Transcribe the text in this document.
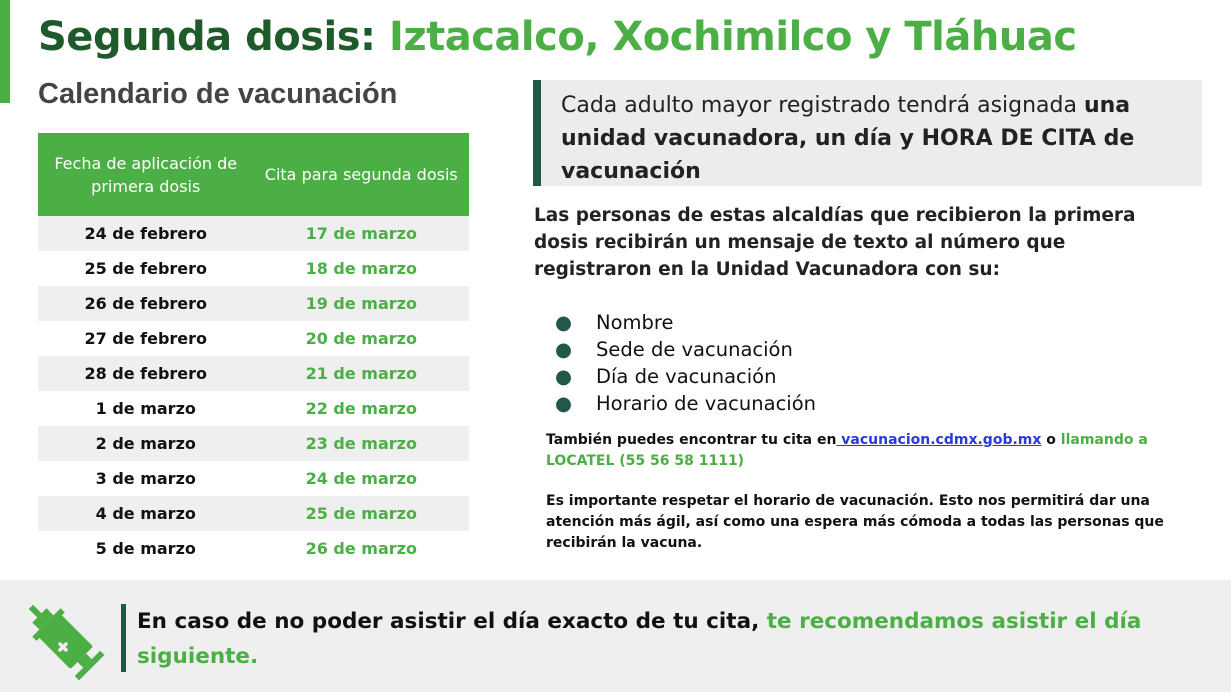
Segunda dosis: Iztacalco, Xochimilco y Tláhuac
Calendario de vacunación
Fecha de aplicación de primera dosis
Cita para segunda dosis
24 de febrero	17 de marzo
25 de febrero	18 de marzo
26 de febrero	19 de marzo
27 de febrero	20 de marzo
28 de febrero	21 de marzo
1 de marzo	22 de marzo
2 de marzo	23 de marzo
3 de marzo	24 de marzo
4 de marzo	25 de marzo
5 de marzo	26 de marzo
Cada adulto mayor registrado tendrá asignada una unidad vacunadora, un día y HORA DE CITA de vacunación

Las personas de estas alcaldías que recibieron la primera dosis recibirán un mensaje de texto al número que registraron en la Unidad Vacunadora con su:

●	Nombre
●	Sede de vacunación
●	Día de vacunación
●	Horario de vacunación

También puedes encontrar tu cita en vacunacion.cdmx.gob.mx o llamando a LOCATEL (55 56 58 1111)

Es importante respetar el horario de vacunación. Esto nos permitirá dar una atención más ágil, así como una espera más cómoda a todas las personas que recibirán la vacuna.

En caso de no poder asistir el día exacto de tu cita, te recomendamos asistir el día siguiente.
